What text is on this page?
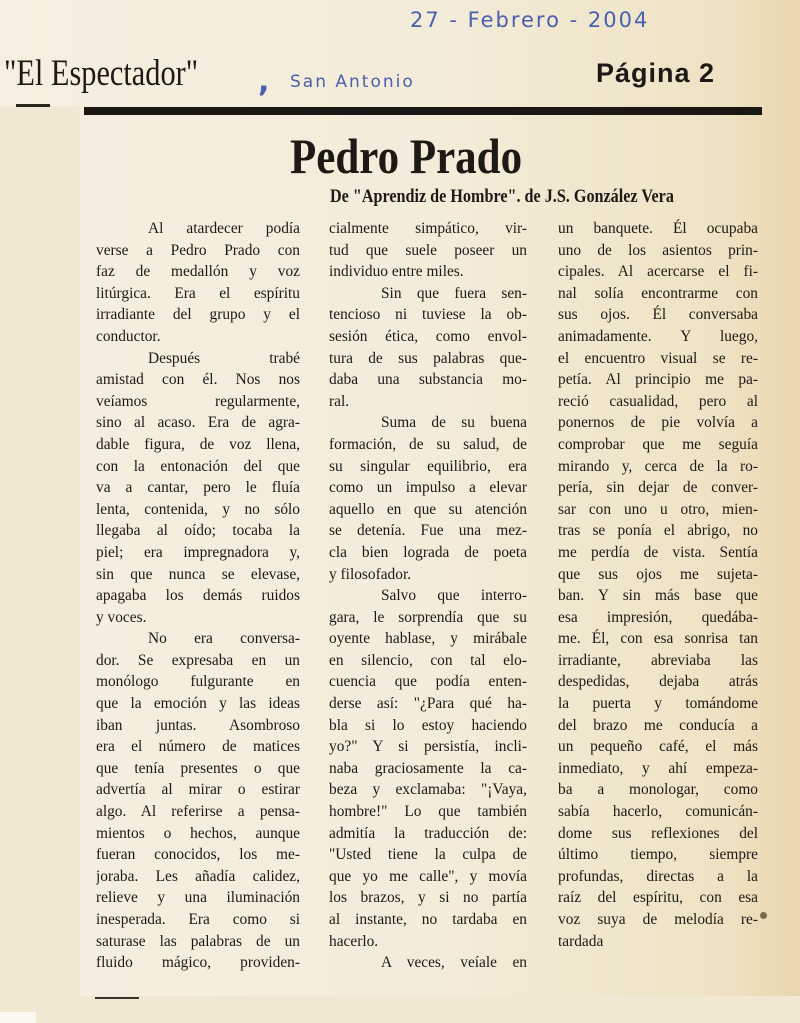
27 - Febrero - 2004
"El Espectador" , San Antonio	Página 2
Pedro Prado
De "Aprendiz de Hombre". de J.S. González Vera
Al atardecer podía
verse a Pedro Prado con
faz de medallón y voz
litúrgica. Era el espíritu
irradiante del grupo y el
conductor.
Después trabé
amistad con él. Nos nos
veíamos regularmente,
sino al acaso. Era de agra-
dable figura, de voz llena,
con la entonación del que
va a cantar, pero le fluía
lenta, contenida, y no sólo
llegaba al oído; tocaba la
piel; era impregnadora y,
sin que nunca se elevase,
apagaba los demás ruidos
y voces.
No era conversa-
dor. Se expresaba en un
monólogo fulgurante en
que la emoción y las ideas
iban juntas. Asombroso
era el número de matices
que tenía presentes o que
advertía al mirar o estirar
algo. Al referirse a pensa-
mientos o hechos, aunque
fueran conocidos, los me-
joraba. Les añadía calidez,
relieve y una iluminación
inesperada. Era como si
saturase las palabras de un
fluido mágico, providen-
cialmente simpático, vir-
tud que suele poseer un
individuo entre miles.
Sin que fuera sen-
tencioso ni tuviese la ob-
sesión ética, como envol-
tura de sus palabras que-
daba una substancia mo-
ral.
Suma de su buena
formación, de su salud, de
su singular equilibrio, era
como un impulso a elevar
aquello en que su atención
se detenía. Fue una mez-
cla bien lograda de poeta
y filosofador.
Salvo que interro-
gara, le sorprendía que su
oyente hablase, y mirábale
en silencio, con tal elo-
cuencia que podía enten-
derse así: "¿Para qué ha-
bla si lo estoy haciendo
yo?" Y si persistía, incli-
naba graciosamente la ca-
beza y exclamaba: "¡Vaya,
hombre!" Lo que también
admitía la traducción de:
"Usted tiene la culpa de
que yo me calle", y movía
los brazos, y si no partía
al instante, no tardaba en
hacerlo.
A veces, veíale en
un banquete. Él ocupaba
uno de los asientos prin-
cipales. Al acercarse el fi-
nal solía encontrarme con
sus ojos. Él conversaba
animadamente. Y luego,
el encuentro visual se re-
petía. Al principio me pa-
reció casualidad, pero al
ponernos de pie volvía a
comprobar que me seguía
mirando y, cerca de la ro-
pería, sin dejar de conver-
sar con uno u otro, mien-
tras se ponía el abrigo, no
me perdía de vista. Sentía
que sus ojos me sujeta-
ban. Y sin más base que
esa impresión, quedába-
me. Él, con esa sonrisa tan
irradiante, abreviaba las
despedidas, dejaba atrás
la puerta y tomándome
del brazo me conducía a
un pequeño café, el más
inmediato, y ahí empeza-
ba a monologar, como
sabía hacerlo, comunicán-
dome sus reflexiones del
último tiempo, siempre
profundas, directas a la
raíz del espíritu, con esa
voz suya de melodía re-
tardada
